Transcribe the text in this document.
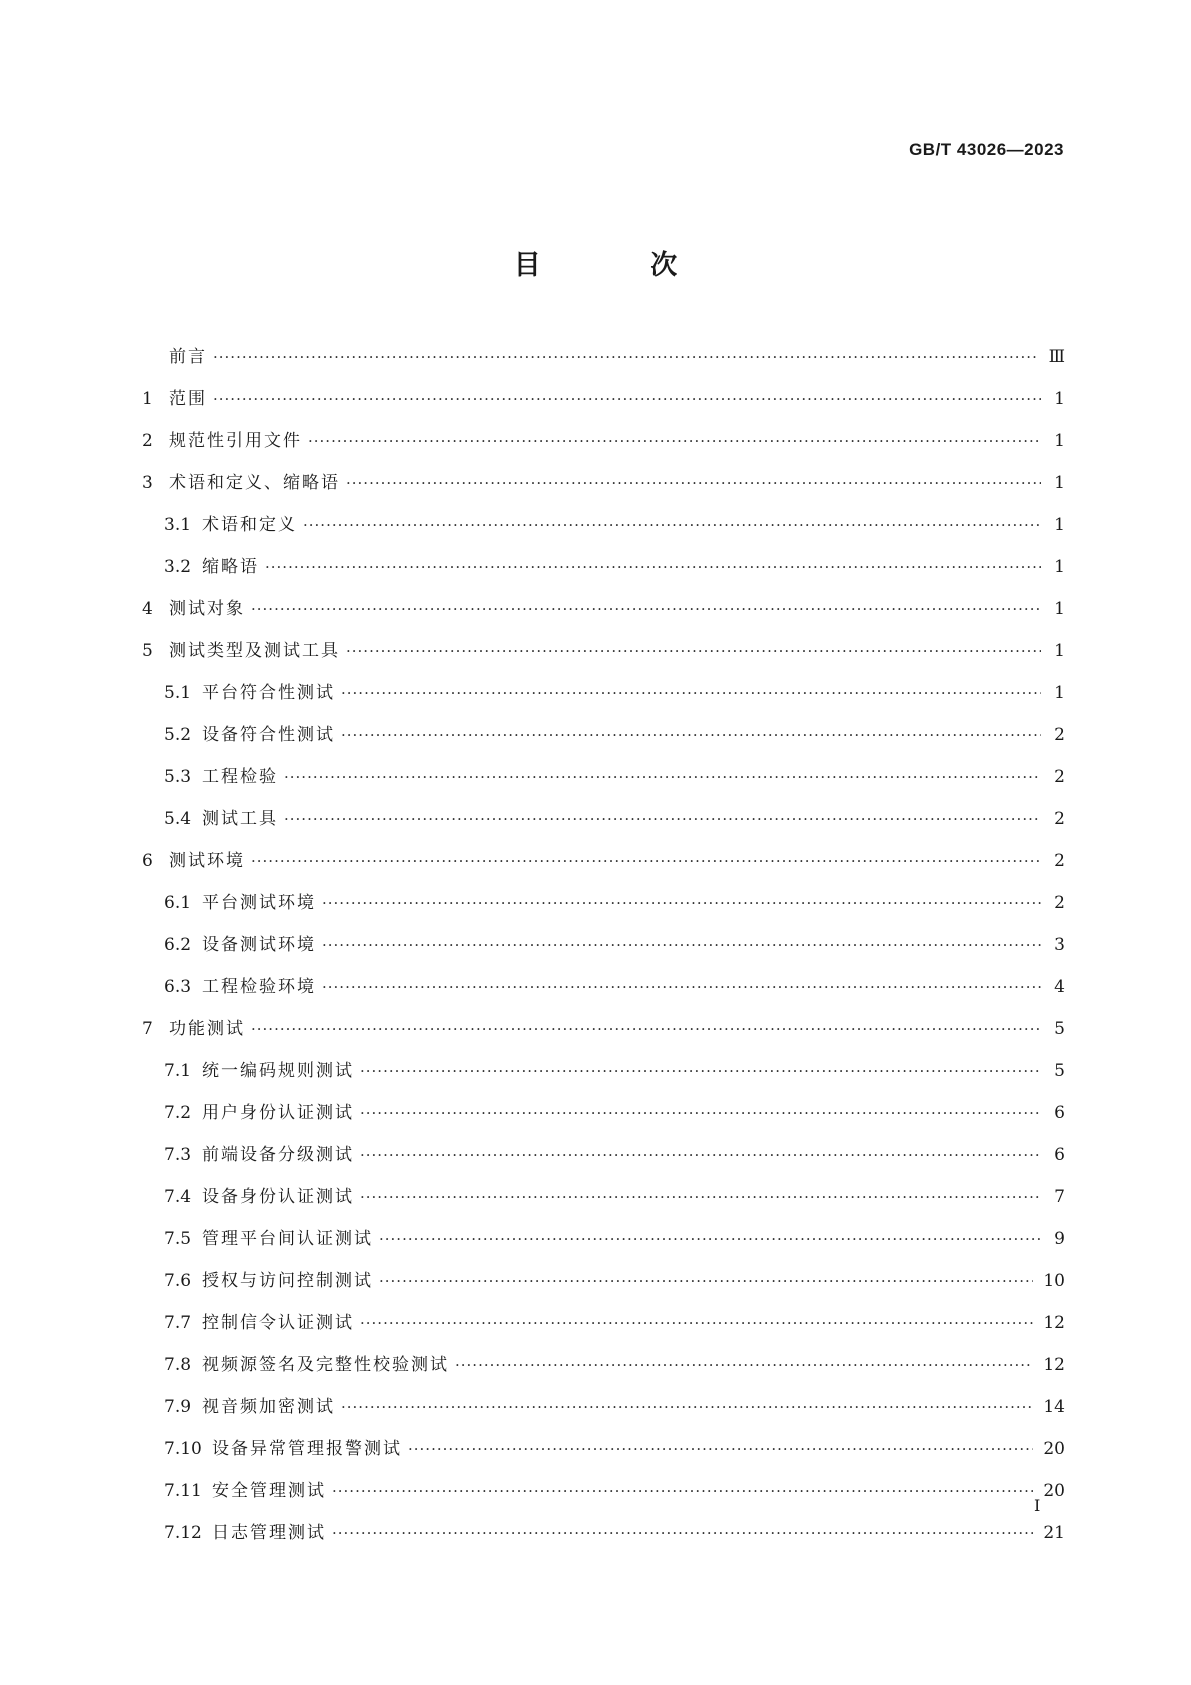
GB/T 43026—2023
目 次
前言 ·····	Ⅲ
1 范围 ·····	1
2 规范性引用文件 ·····	1
3 术语和定义、缩略语 ·····	1
3.1 术语和定义 ·····	1
3.2 缩略语 ·····	1
4 测试对象 ·····	1
5 测试类型及测试工具 ·····	1
5.1 平台符合性测试 ·····	1
5.2 设备符合性测试 ·····	2
5.3 工程检验 ·····	2
5.4 测试工具 ·····	2
6 测试环境 ·····	2
6.1 平台测试环境 ·····	2
6.2 设备测试环境 ·····	3
6.3 工程检验环境 ·····	4
7 功能测试 ·····	5
7.1 统一编码规则测试 ·····	5
7.2 用户身份认证测试 ·····	6
7.3 前端设备分级测试 ·····	6
7.4 设备身份认证测试 ·····	7
7.5 管理平台间认证测试 ·····	9
7.6 授权与访问控制测试 ·····	10
7.7 控制信令认证测试 ·····	12
7.8 视频源签名及完整性校验测试 ·····	12
7.9 视音频加密测试 ·····	14
7.10 设备异常管理报警测试 ·····	20
7.11 安全管理测试 ·····	20
7.12 日志管理测试 ·····	21
I
